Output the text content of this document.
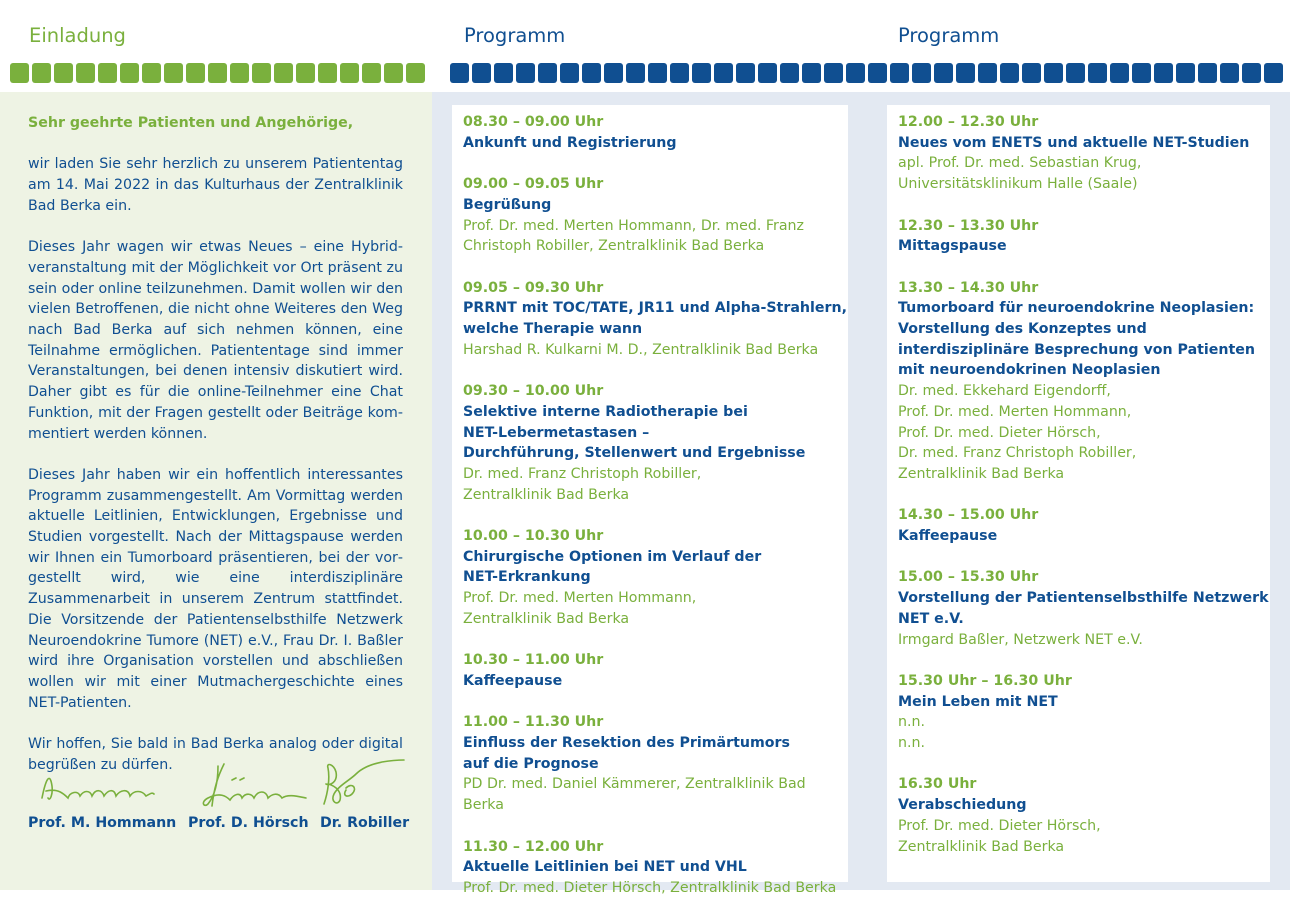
Einladung	Programm	Programm

Sehr geehrte Patienten und Angehörige,

wir laden Sie sehr herzlich zu unserem Patiententag am 14. Mai 2022 in das Kulturhaus der Zentralklinik Bad Berka ein.

Dieses Jahr wagen wir etwas Neues – eine Hybridveranstaltung mit der Möglichkeit vor Ort präsent zu sein oder online teilzunehmen. Damit wollen wir den vielen Betroffenen, die nicht ohne Weiteres den Weg nach Bad Berka auf sich nehmen können, eine Teilnahme ermöglichen. Patiententage sind immer Veranstaltungen, bei denen intensiv diskutiert wird. Daher gibt es für die online-Teilnehmer eine Chat Funktion, mit der Fragen gestellt oder Beiträge kommentiert werden können.

Dieses Jahr haben wir ein hoffentlich interessantes Programm zusammengestellt. Am Vormittag werden aktuelle Leitlinien, Entwicklungen, Ergebnisse und Studien vorgestellt. Nach der Mittagspause werden wir Ihnen ein Tumorboard präsentieren, bei der vorgestellt wird, wie eine interdisziplinäre Zusammenarbeit in unserem Zentrum stattfindet. Die Vorsitzende der Patientenselbsthilfe Netzwerk Neuroendokrine Tumore (NET) e.V., Frau Dr. I. Baßler wird ihre Organisation vorstellen und abschließen wollen wir mit einer Mutmachergeschichte eines NET-Patienten.

Wir hoffen, Sie bald in Bad Berka analog oder digital begrüßen zu dürfen.

Prof. M. Hommann Prof. D. Hörsch Dr. Robiller
08.30 – 09.00 Uhr
Ankunft und Registrierung
09.00 – 09.05 Uhr
Begrüßung
Prof. Dr. med. Merten Hommann, Dr. med. Franz
Christoph Robiller, Zentralklinik Bad Berka
09.05 – 09.30 Uhr
PRRNT mit TOC/TATE, JR11 und Alpha-Strahlern,
welche Therapie wann
Harshad R. Kulkarni M. D., Zentralklinik Bad Berka
09.30 – 10.00 Uhr
Selektive interne Radiotherapie bei
NET-Lebermetastasen –
Durchführung, Stellenwert und Ergebnisse
Dr. med. Franz Christoph Robiller,
Zentralklinik Bad Berka
10.00 – 10.30 Uhr
Chirurgische Optionen im Verlauf der
NET-Erkrankung
Prof. Dr. med. Merten Hommann,
Zentralklinik Bad Berka
10.30 – 11.00 Uhr
Kaffeepause
11.00 – 11.30 Uhr
Einfluss der Resektion des Primärtumors
auf die Prognose
PD Dr. med. Daniel Kämmerer, Zentralklinik Bad Berka
11.30 – 12.00 Uhr
Aktuelle Leitlinien bei NET und VHL
Prof. Dr. med. Dieter Hörsch, Zentralklinik Bad Berka
12.00 – 12.30 Uhr
Neues vom ENETS und aktuelle NET-Studien
apl. Prof. Dr. med. Sebastian Krug,
Universitätsklinikum Halle (Saale)
12.30 – 13.30 Uhr
Mittagspause
13.30 – 14.30 Uhr
Tumorboard für neuroendokrine Neoplasien:
Vorstellung des Konzeptes und
interdisziplinäre Besprechung von Patienten
mit neuroendokrinen Neoplasien
Dr. med. Ekkehard Eigendorff,
Prof. Dr. med. Merten Hommann,
Prof. Dr. med. Dieter Hörsch,
Dr. med. Franz Christoph Robiller,
Zentralklinik Bad Berka
14.30 – 15.00 Uhr
Kaffeepause
15.00 – 15.30 Uhr
Vorstellung der Patientenselbsthilfe Netzwerk
NET e.V.
Irmgard Baßler, Netzwerk NET e.V.
15.30 Uhr – 16.30 Uhr
Mein Leben mit NET
n.n.
n.n.
16.30 Uhr
Verabschiedung
Prof. Dr. med. Dieter Hörsch,
Zentralklinik Bad Berka
